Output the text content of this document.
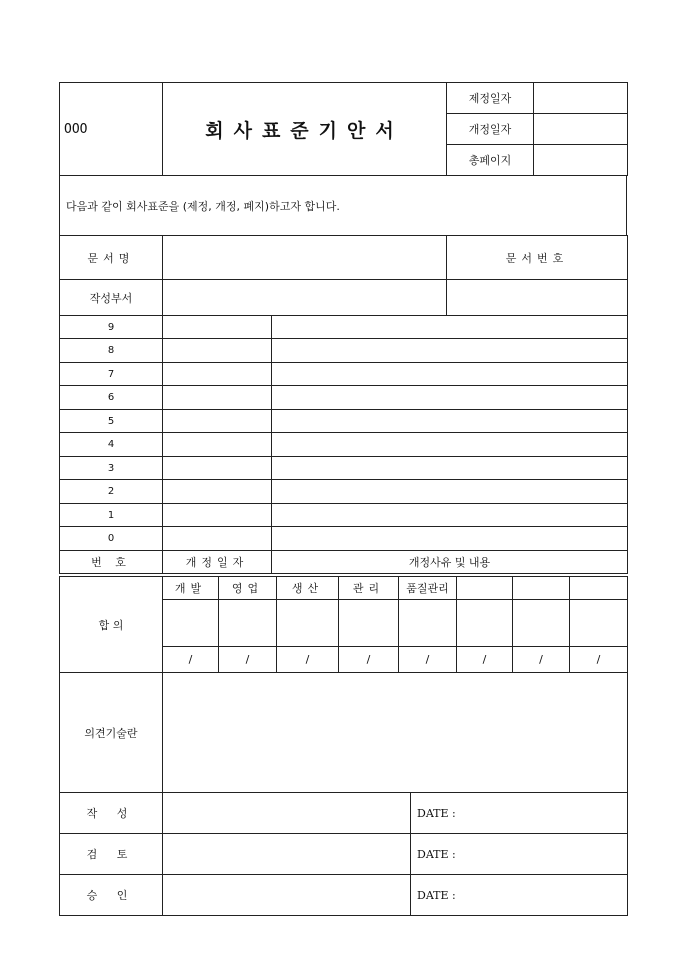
OOO	회사표준기안서	제정일자	
		개정일자	
		총페이지	
다음과 같이 회사표준을 (제정, 개정, 폐지)하고자 합니다.
문서명		문서번호
작성부서		
9		
8		
7		
6		
5		
4		
3		
2		
1		
0		
번 호	개정일자	개정사유 및 내용
합 의	개발	영업	생산	관리	품질관리			

	/	/	/	/	/	/	/	/
의견기술란	
작 성		DATE :
검 토		DATE :
승 인		DATE :
